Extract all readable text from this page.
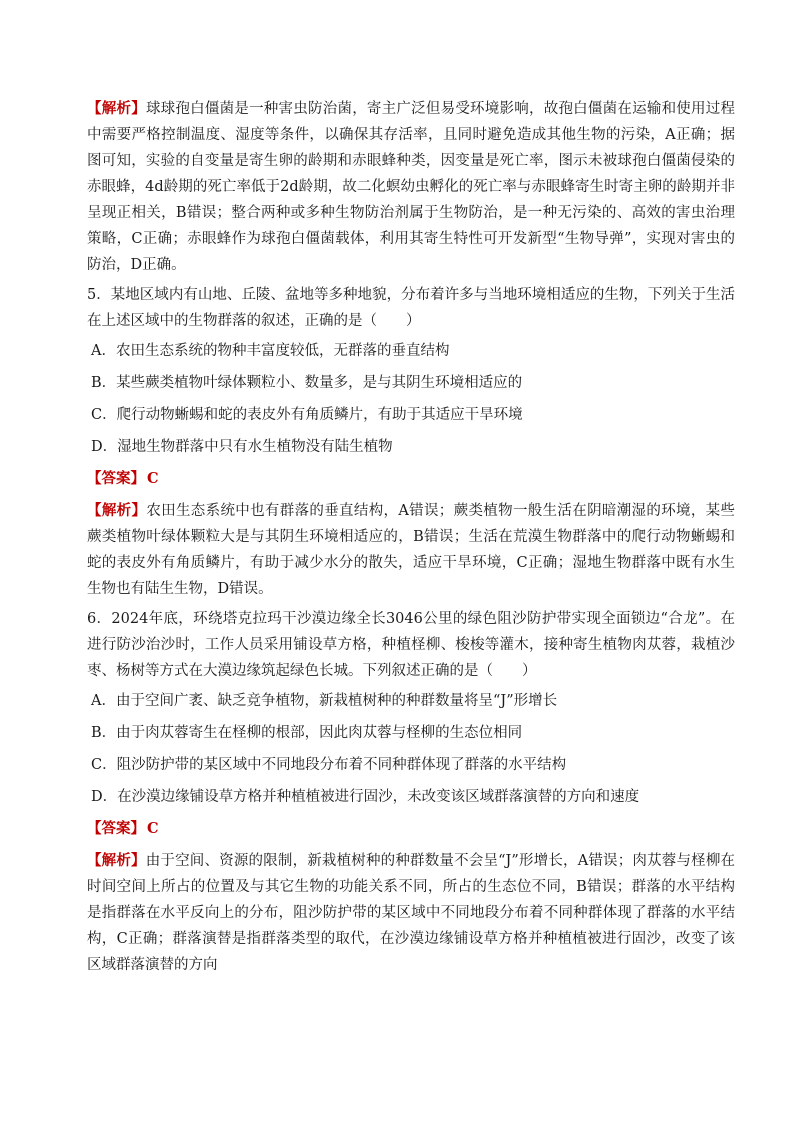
【解析】球球孢白僵菌是一种害虫防治菌，寄主广泛但易受环境影响，故孢白僵菌在运输和使用过程中需要严格控制温度、湿度等条件，以确保其存活率，且同时避免造成其他生物的污染，A正确；据图可知，实验的自变量是寄生卵的龄期和赤眼蜂种类，因变量是死亡率，图示未被球孢白僵菌侵染的赤眼蜂，4d龄期的死亡率低于2d龄期，故二化螟幼虫孵化的死亡率与赤眼蜂寄生时寄主卵的龄期并非呈现正相关，B错误；整合两种或多种生物防治剂属于生物防治，是一种无污染的、高效的害虫治理策略，C正确；赤眼蜂作为球孢白僵菌载体，利用其寄生特性可开发新型“生物导弹”，实现对害虫的防治，D正确。

5．某地区域内有山地、丘陵、盆地等多种地貌，分布着许多与当地环境相适应的生物，下列关于生活在上述区域中的生物群落的叙述，正确的是（　　）

A．农田生态系统的物种丰富度较低，无群落的垂直结构

B．某些蕨类植物叶绿体颗粒小、数量多，是与其阴生环境相适应的

C．爬行动物蜥蜴和蛇的表皮外有角质鳞片，有助于其适应干旱环境

D．湿地生物群落中只有水生植物没有陆生植物

【答案】 C

【解析】农田生态系统中也有群落的垂直结构，A错误；蕨类植物一般生活在阴暗潮湿的环境，某些蕨类植物叶绿体颗粒大是与其阴生环境相适应的，B错误；生活在荒漠生物群落中的爬行动物蜥蜴和蛇的表皮外有角质鳞片，有助于减少水分的散失，适应干旱环境，C正确；湿地生物群落中既有水生生物也有陆生生物，D错误。

6．2024年底，环绕塔克拉玛干沙漠边缘全长3046公里的绿色阻沙防护带实现全面锁边“合龙”。在进行防沙治沙时，工作人员采用铺设草方格，种植柽柳、梭梭等灌木，接种寄生植物肉苁蓉，栽植沙枣、杨树等方式在大漠边缘筑起绿色长城。下列叙述正确的是（　　）

A．由于空间广袤、缺乏竞争植物，新栽植树种的种群数量将呈“J”形增长

B．由于肉苁蓉寄生在柽柳的根部，因此肉苁蓉与柽柳的生态位相同

C．阻沙防护带的某区域中不同地段分布着不同种群体现了群落的水平结构

D．在沙漠边缘铺设草方格并种植植被进行固沙，未改变该区域群落演替的方向和速度

【答案】 C

【解析】由于空间、资源的限制，新栽植树种的种群数量不会呈“J”形增长，A错误；肉苁蓉与柽柳在时间空间上所占的位置及与其它生物的功能关系不同，所占的生态位不同，B错误；群落的水平结构是指群落在水平反向上的分布，阻沙防护带的某区域中不同地段分布着不同种群体现了群落的水平结构，C正确；群落演替是指群落类型的取代，在沙漠边缘铺设草方格并种植植被进行固沙，改变了该区域群落演替的方向
